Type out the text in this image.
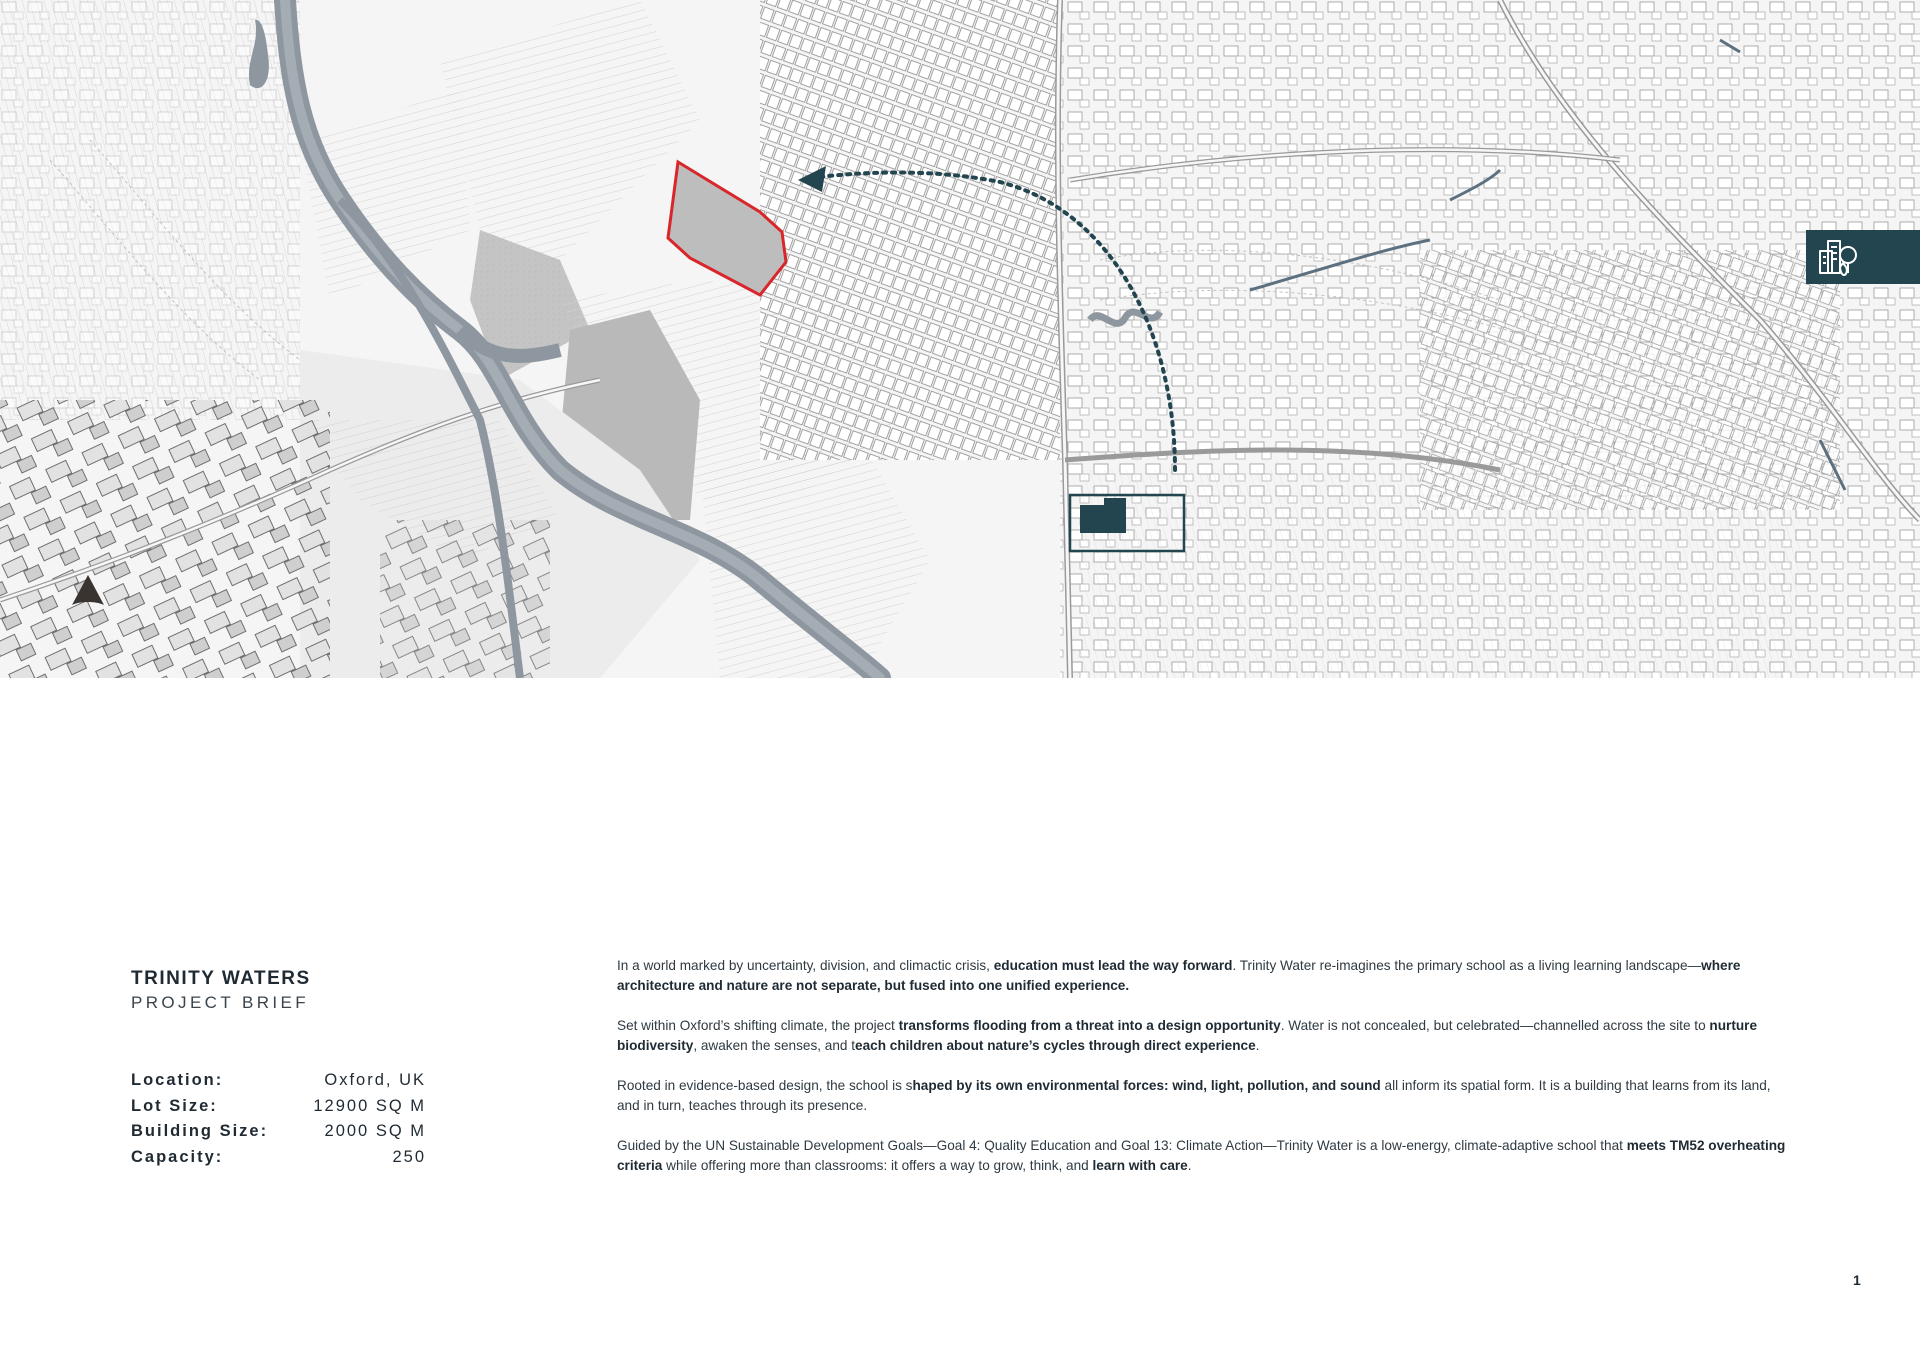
TRINITY WATERS
PROJECT BRIEF
Location:	Oxford, UK
Lot Size:	12900 SQ M
Building Size:	2000 SQ M
Capacity:	250

In a world marked by uncertainty, division, and climactic crisis, education must lead the way forward. Trinity Water re-imagines the primary school as a living learning landscape—where architecture and nature are not separate, but fused into one unified experience.

Set within Oxford’s shifting climate, the project transforms flooding from a threat into a design opportunity. Water is not concealed, but celebrated—channelled across the site to nurture biodiversity, awaken the senses, and teach children about nature’s cycles through direct experience.

Rooted in evidence-based design, the school is shaped by its own environmental forces: wind, light, pollution, and sound all inform its spatial form. It is a building that learns from its land, and in turn, teaches through its presence.

Guided by the UN Sustainable Development Goals—Goal 4: Quality Education and Goal 13: Climate Action—Trinity Water is a low-energy, climate-adaptive school that meets TM52 overheating criteria while offering more than classrooms: it offers a way to grow, think, and learn with care.

1
